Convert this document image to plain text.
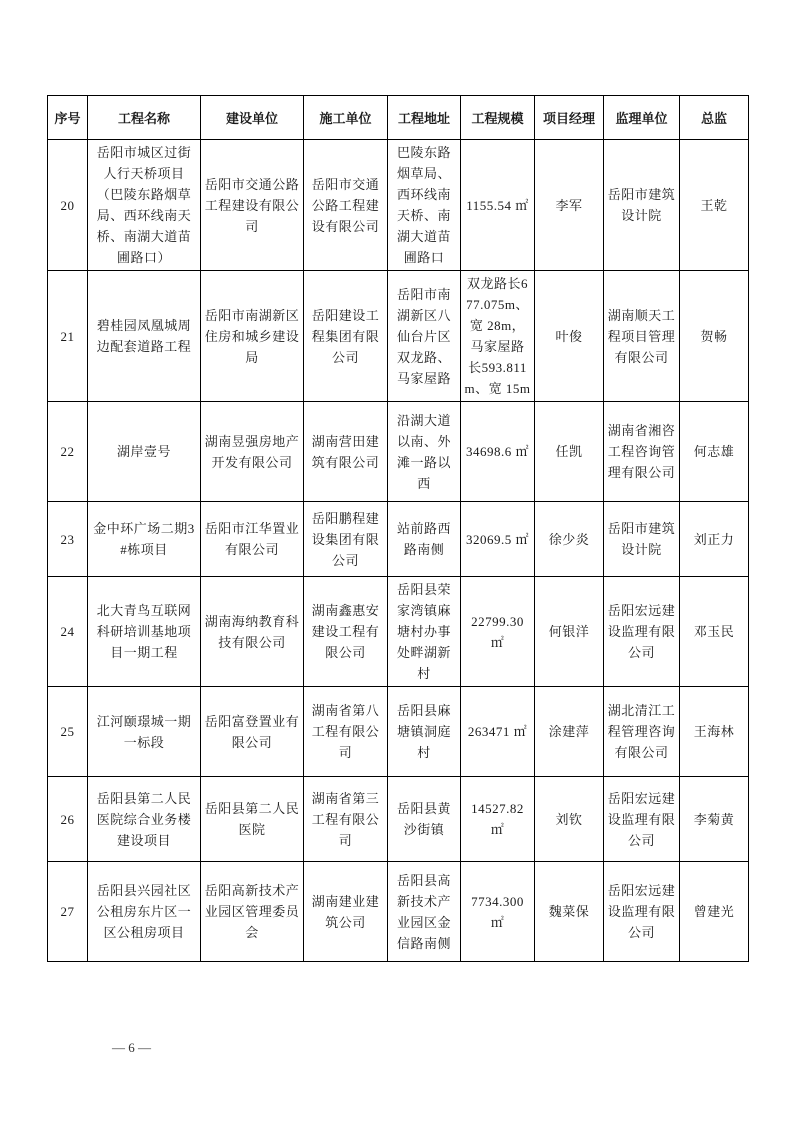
序号	工程名称	建设单位	施工单位	工程地址	工程规模	项目经理	监理单位	总监
20	岳阳市城区过街人行天桥项目（巴陵东路烟草局、西环线南天桥、南湖大道苗圃路口）	岳阳市交通公路工程建设有限公司	岳阳市交通公路工程建设有限公司	巴陵东路烟草局、西环线南天桥、南湖大道苗圃路口	1155.54 ㎡	李军	岳阳市建筑设计院	王乾
21	碧桂园凤凰城周边配套道路工程	岳阳市南湖新区住房和城乡建设局	岳阳建设工程集团有限公司	岳阳市南湖新区八仙台片区双龙路、马家屋路	双龙路长677.075m、宽 28m，马家屋路长593.811m、宽 15m	叶俊	湖南顺天工程项目管理有限公司	贺畅
22	湖岸壹号	湖南昱强房地产开发有限公司	湖南营田建筑有限公司	沿湖大道以南、外滩一路以西	34698.6 ㎡	任凯	湖南省湘咨工程咨询管理有限公司	何志雄
23	金中环广场二期3#栋项目	岳阳市江华置业有限公司	岳阳鹏程建设集团有限公司	站前路西路南侧	32069.5 ㎡	徐少炎	岳阳市建筑设计院	刘正力
24	北大青鸟互联网科研培训基地项目一期工程	湖南海纳教育科技有限公司	湖南鑫惠安建设工程有限公司	岳阳县荣家湾镇麻塘村办事处畔湖新村	22799.30 ㎡	何银洋	岳阳宏远建设监理有限公司	邓玉民
25	江河颐璟城一期一标段	岳阳富登置业有限公司	湖南省第八工程有限公司	岳阳县麻塘镇洞庭村	263471 ㎡	涂建萍	湖北清江工程管理咨询有限公司	王海林
26	岳阳县第二人民医院综合业务楼建设项目	岳阳县第二人民医院	湖南省第三工程有限公司	岳阳县黄沙街镇	14527.82 ㎡	刘钦	岳阳宏远建设监理有限公司	李菊黄
27	岳阳县兴园社区公租房东片区一区公租房项目	岳阳高新技术产业园区管理委员会	湖南建业建筑公司	岳阳县高新技术产业园区金信路南侧	7734.300 ㎡	魏菜保	岳阳宏远建设监理有限公司	曾建光
— 6 —
